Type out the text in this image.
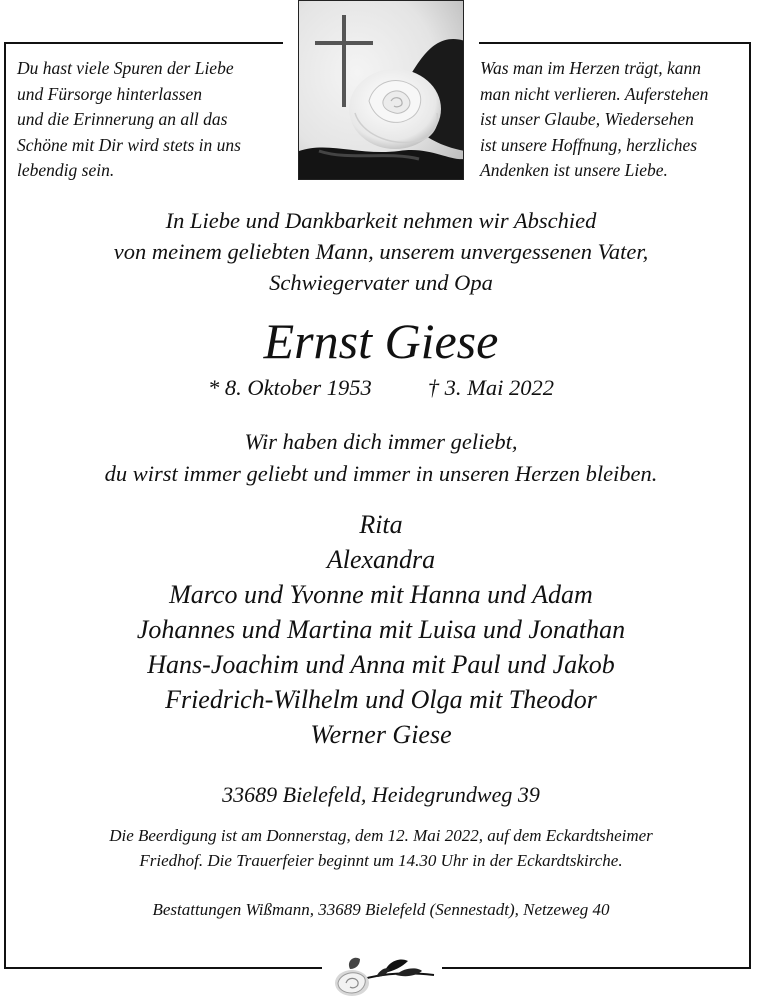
Du hast viele Spuren der Liebe
und Fürsorge hinterlassen
und die Erinnerung an all das
Schöne mit Dir wird stets in uns
lebendig sein.
Was man im Herzen trägt, kann
man nicht verlieren. Auferstehen
ist unser Glaube, Wiedersehen
ist unsere Hoffnung, herzliches
Andenken ist unsere Liebe.
In Liebe und Dankbarkeit nehmen wir Abschied
von meinem geliebten Mann, unserem unvergessenen Vater,
Schwiegervater und Opa
Ernst Giese
* 8. Oktober 1953 † 3. Mai 2022
Wir haben dich immer geliebt,
du wirst immer geliebt und immer in unseren Herzen bleiben.
Rita
Alexandra
Marco und Yvonne mit Hanna und Adam
Johannes und Martina mit Luisa und Jonathan
Hans-Joachim und Anna mit Paul und Jakob
Friedrich-Wilhelm und Olga mit Theodor
Werner Giese
33689 Bielefeld, Heidegrundweg 39
Die Beerdigung ist am Donnerstag, dem 12. Mai 2022, auf dem Eckardtsheimer
Friedhof. Die Trauerfeier beginnt um 14.30 Uhr in der Eckardtskirche.
Bestattungen Wißmann, 33689 Bielefeld (Sennestadt), Netzeweg 40
